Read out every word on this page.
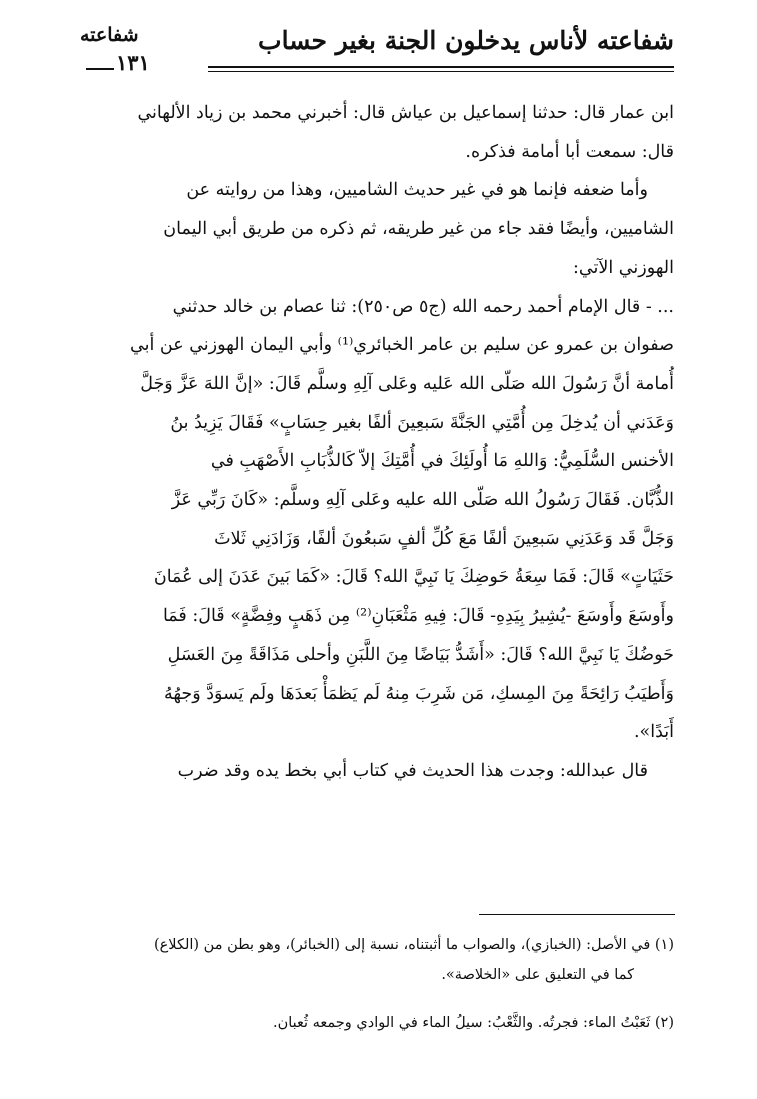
شفاعته لأناس يدخلون الجنة بغير حساب
شفاعته
١٣١
ابن عمار قال: حدثنا إسماعيل بن عياش قال: أخبرني محمد بن زياد الألهاني
قال: سمعت أبا أمامة فذكره.
وأما ضعفه فإنما هو في غير حديث الشاميين، وهذا من روايته عن
الشاميين، وأيضًا فقد جاء من غير طريقه، ثم ذكره من طريق أبي اليمان
الهوزني الآتي:
... - قال الإمام أحمد رحمه الله (ج٥ ص٢٥٠): ثنا عصام بن خالد حدثني
صفوان بن عمرو عن سليم بن عامر الخبائري⁽¹⁾ وأبي اليمان الهوزني عن أبي
أُمامة أنَّ رَسُولَ الله صَلّى الله عَليه وعَلى آلِهِ وسلَّم قَالَ: «إنَّ اللهَ عَزَّ وَجَلَّ
وَعَدَني أن يُدخِلَ مِن أُمَّتِي الجَنَّةَ سَبعِينَ ألفًا بغير حِسَابٍ» فَقَالَ يَزِيدُ بنُ
الأخنس السُّلَمِيُّ: وَاللهِ مَا أُولَئِكَ في أُمَّتِكَ إلاّ كَالذُّبَابِ الأَصْهَبِ في
الذُّبَّان. فَقَالَ رَسُولُ الله صَلّى الله عليه وعَلى آلِهِ وسلَّم: «كَانَ رَبِّي عَزَّ
وَجَلَّ قَد وَعَدَنِي سَبعِينَ ألفًا مَعَ كُلِّ ألفٍ سَبعُونَ ألفًا، وَزَادَنِي ثَلاثَ
حَثَيَاتٍ» قَالَ: فَمَا سِعَةُ حَوضِكَ يَا نَبِيَّ الله؟ قَالَ: «كَمَا بَينَ عَدَنَ إلى عُمَانَ
وأَوسَعَ وأَوسَعَ -يُشِيرُ بِيَدِهِ- قَالَ: فِيهِ مَثْعَبَانِ⁽²⁾ مِن ذَهَبٍ وفِضَّةٍ» قَالَ: فَمَا
حَوضُكَ يَا نَبِيَّ الله؟ قَالَ: «أَشَدُّ بَيَاضًا مِنَ اللَّبَنِ وأحلى مَذَاقَةً مِنَ العَسَلِ
وَأَطيَبُ رَائِحَةً مِنَ المِسكِ، مَن شَرِبَ مِنهُ لَم يَظمَأْ بَعدَهَا ولَم يَسوَدَّ وَجهُهُ
أَبَدًا».
قال عبدالله: وجدت هذا الحديث في كتاب أبي بخط يده وقد ضرب
(١) في الأصل: (الخبازي)، والصواب ما أثبتناه، نسبة إلى (الخبائر)، وهو بطن من (الكلاع)
كما في التعليق على «الخلاصة».
(٢) ثَعَبْتُ الماء: فجرتُه. والثَّعْبُ: سيلُ الماء في الوادي وجمعه ثُعبان.
